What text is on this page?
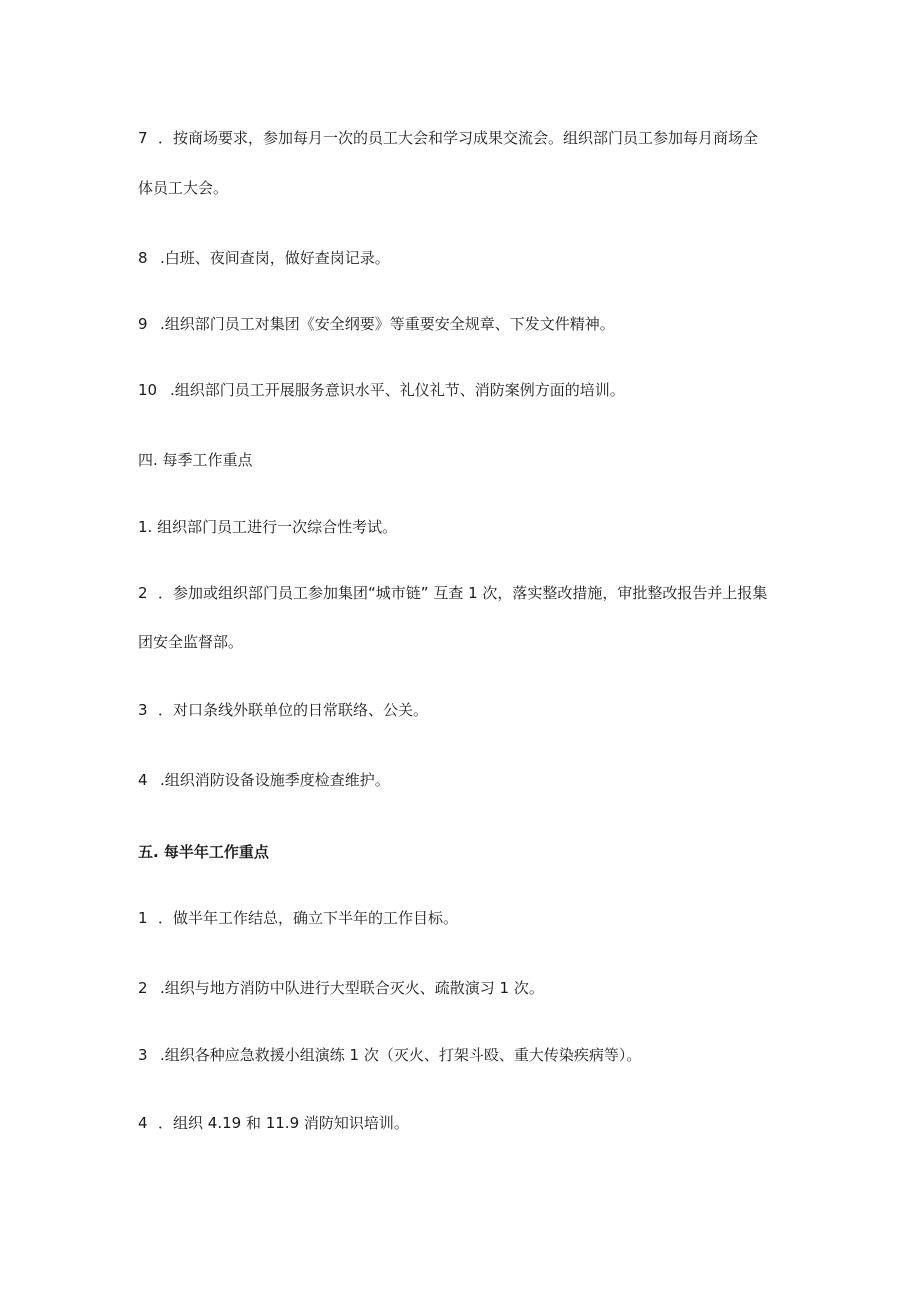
7 ．按商场要求，参加每月一次的员工大会和学习成果交流会。组织部门员工参加每月商场全
体员工大会。
8 .白班、夜间查岗，做好查岗记录。
9 .组织部门员工对集团《安全纲要》等重要安全规章、下发文件精神。
10 .组织部门员工开展服务意识水平、礼仪礼节、消防案例方面的培训。
四. 每季工作重点
1. 组织部门员工进行一次综合性考试。
2 ．参加或组织部门员工参加集团“城市链” 互查 1 次，落实整改措施，审批整改报告并上报集
团安全监督部。
3 ．对口条线外联单位的日常联络、公关。
4 .组织消防设备设施季度检查维护。
五. 每半年工作重点
1 ．做半年工作结总，确立下半年的工作目标。
2 .组织与地方消防中队进行大型联合灭火、疏散演习 1 次。
3 .组织各种应急救援小组演练 1 次（灭火、打架斗殴、重大传染疾病等）。
4 ．组织 4.19 和 11.9 消防知识培训。
